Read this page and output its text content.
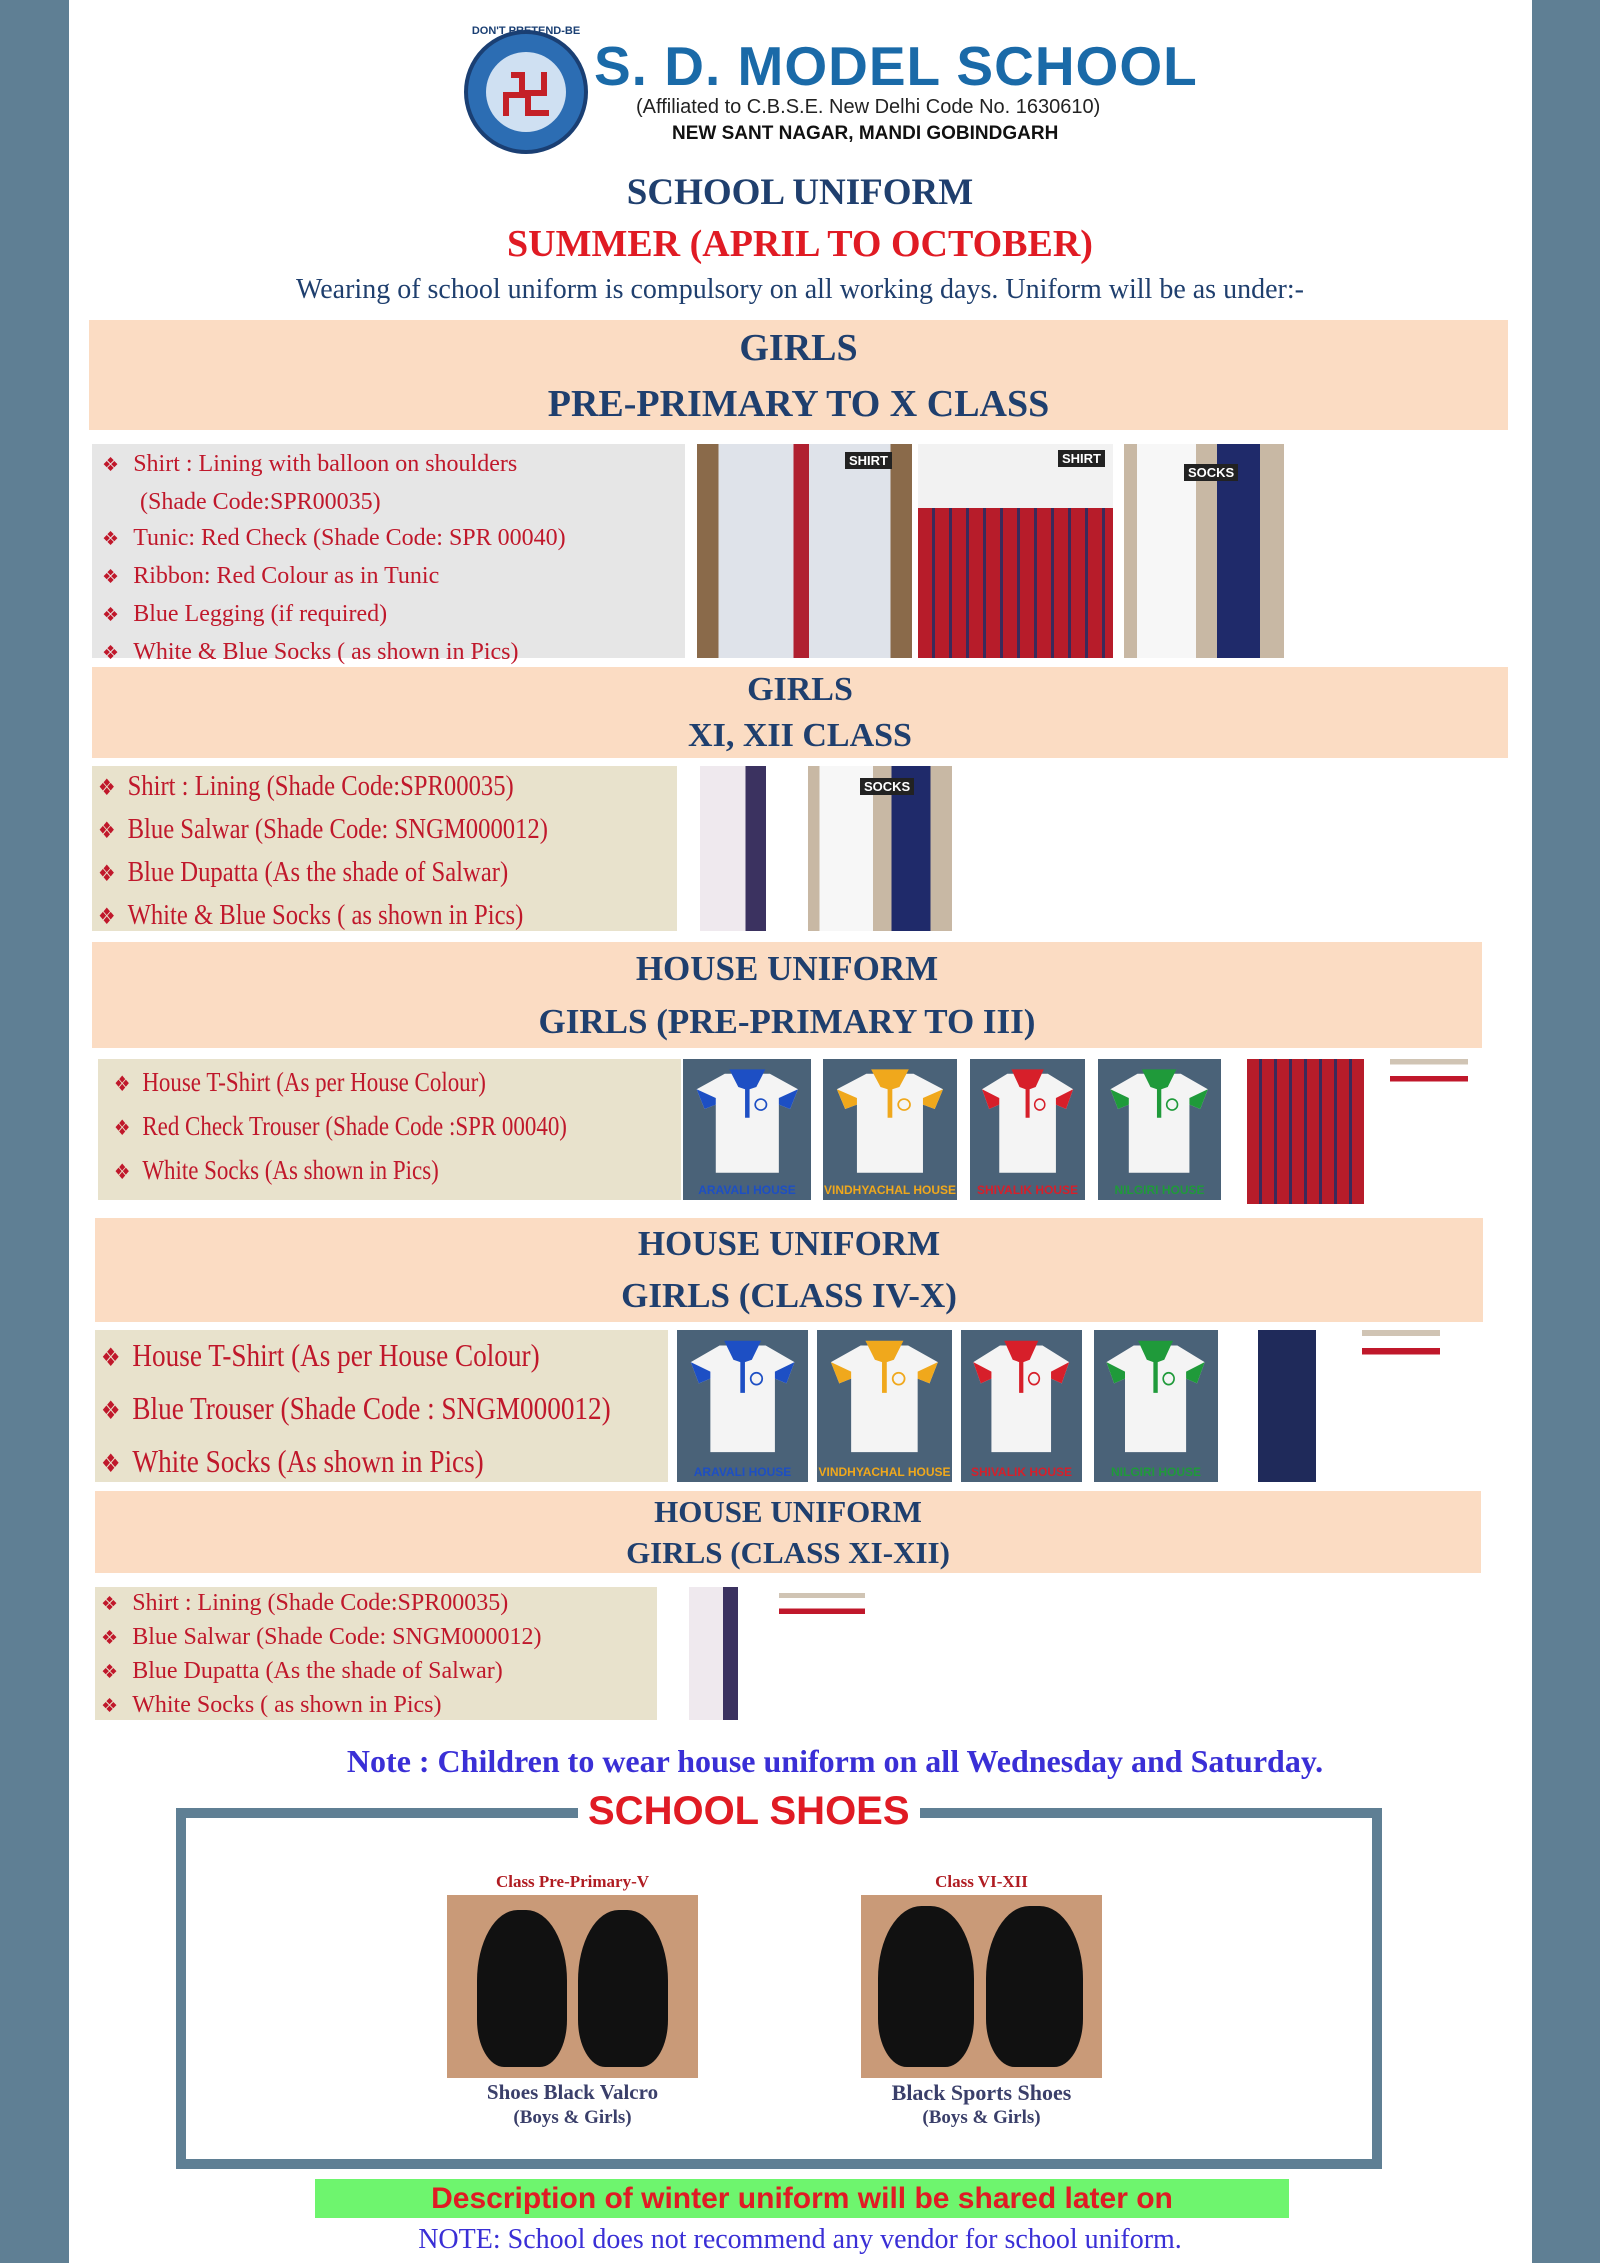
DON'T PRETEND-BE
S. D. MODEL SCHOOL
(Affiliated to C.B.S.E. New Delhi Code No. 1630610)
NEW SANT NAGAR, MANDI GOBINDGARH
SCHOOL UNIFORM
SUMMER (APRIL TO OCTOBER)
Wearing of school uniform is compulsory on all working days. Uniform will be as under:-
GIRLS
PRE-PRIMARY TO X CLASS
❖ Shirt : Lining with balloon on shoulders
(Shade Code:SPR00035)
❖ Tunic: Red Check (Shade Code: SPR 00040)
❖ Ribbon: Red Colour as in Tunic
❖ Blue Legging (if required)
❖ White & Blue Socks ( as shown in Pics)
SHIRT	SHIRT
SOCKS
GIRLS
XI, XII CLASS
❖ Shirt : Lining (Shade Code:SPR00035)
❖ Blue Salwar (Shade Code: SNGM000012)
❖ Blue Dupatta (As the shade of Salwar)
❖ White & Blue Socks ( as shown in Pics)
SOCKS
HOUSE UNIFORM
GIRLS (PRE-PRIMARY TO III)
❖ House T-Shirt (As per House Colour)
❖ Red Check Trouser (Shade Code :SPR 00040)
❖ White Socks (As shown in Pics)
ARAVALI HOUSE	VINDHYACHAL HOUSE	SHIVALIK HOUSE	NILGIRI HOUSE
HOUSE UNIFORM
GIRLS (CLASS IV-X)
❖ House T-Shirt (As per House Colour)
❖ Blue Trouser (Shade Code : SNGM000012)
❖ White Socks (As shown in Pics)	ARAVALI HOUSE	VINDHYACHAL HOUSE	SHIVALIK HOUSE	NILGIRI HOUSE
HOUSE UNIFORM
GIRLS (CLASS XI-XII)
❖ Shirt : Lining (Shade Code:SPR00035)
❖ Blue Salwar (Shade Code: SNGM000012)
❖ Blue Dupatta (As the shade of Salwar)
❖ White Socks ( as shown in Pics)
Note : Children to wear house uniform on all Wednesday and Saturday.
SCHOOL SHOES
Class Pre-Primary-V
Shoes Black Valcro
(Boys & Girls)
Class VI-XII
Black Sports Shoes
(Boys & Girls)
Description of winter uniform will be shared later on
NOTE: School does not recommend any vendor for school uniform.
